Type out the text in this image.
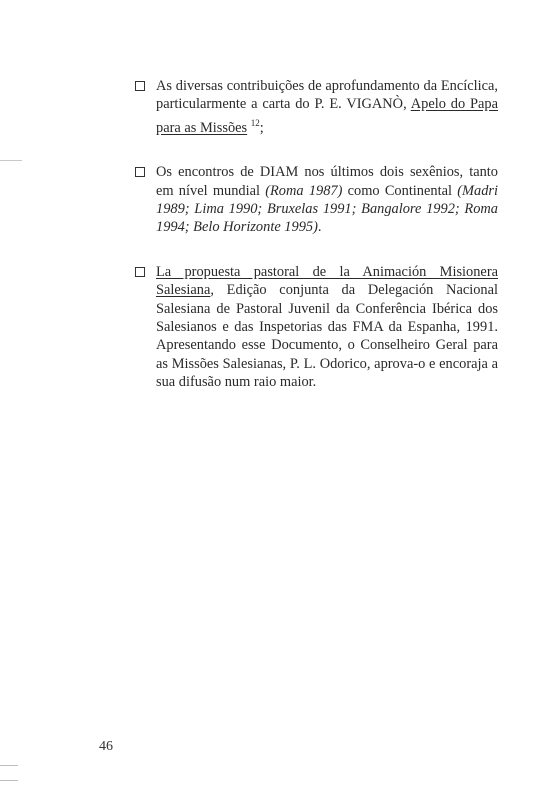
As diversas contribuições de aprofundamento da Encíclica, particularmente a carta do P. E. VIGANÒ, Apelo do Papa para as Missões $^{12}$;
Os encontros de DIAM nos últimos dois sexênios, tanto em nível mundial (Roma 1987) como Continental (Madri 1989; Lima 1990; Bruxelas 1991; Bangalore 1992; Roma 1994; Belo Horizonte 1995).
La propuesta pastoral de la Animación Misionera Salesiana, Edição conjunta da Delegación Nacional Salesiana de Pastoral Juvenil da Conferência Ibérica dos Salesianos e das Inspetorias das FMA da Espanha, 1991. Apresentando esse Documento, o Conselheiro Geral para as Missões Salesianas, P. L. Odorico, aprova-o e encoraja a sua difusão num raio maior.
46
